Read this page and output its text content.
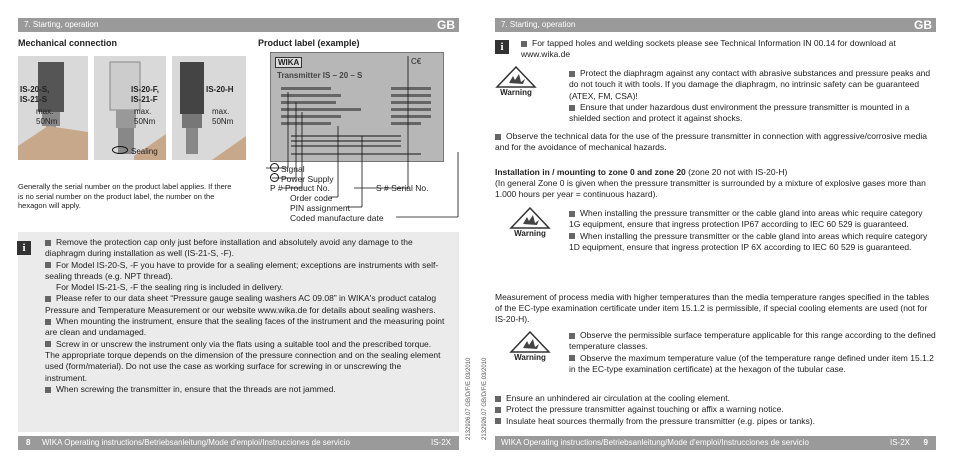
7. Starting, operation	GB
Mechanical connection	Product label (example)
IS-20-S,
IS-21-S
max.
50Nm
IS-20-F,
IS-21-F
max.
50Nm
Sealing
IS-20-H
max.
50Nm
WIKA
Transmitter IS – 20 – S
C€
Signal
Power Supply
P # Product No.	S # Serial No.
Order code
PIN assignment
Coded manufacture date
Generally the serial number on the product label applies. If there is no serial number on the product label, the number on the hexagon will apply.
i	Remove the protection cap only just before installation and absolutely avoid any damage to the diaphragm during installation as well (IS-21-S, -F).
For Model IS-20-S, -F you have to provide for a sealing element; exceptions are instruments with self-sealing threads (e.g. NPT thread).
For Model IS-21-S, -F the sealing ring is included in delivery.
Please refer to our data sheet “Pressure gauge sealing washers AC 09.08” in WIKA's product catalog Pressure and Temperature Measurement or our website www.wika.de for details about sealing washers.
When mounting the instrument, ensure that the sealing faces of the instrument and the measuring point are clean and undamaged.
Screw in or unscrew the instrument only via the flats using a suitable tool and the prescribed torque. The appropriate torque depends on the dimension of the pressure connection and on the sealing element used (form/material). Do not use the case as working surface for screwing in or unscrewing the instrument.
When screwing the transmitter in, ensure that the threads are not jammed.	2132926.07 GB/D/F/E 03/2010
8 WIKA Operating instructions/Betriebsanleitung/Mode d'emploi/Instrucciones de servicio	IS-2X
7. Starting, operation	GB
i	For tapped holes and welding sockets please see Technical Information IN 00.14 for download at www.wika.de
Warning
Protect the diaphragm against any contact with abrasive substances and pressure peaks and do not touch it with tools. If you damage the diaphragm, no intrinsic safety can be guaranteed (ATEX, FM, CSA)!
Ensure that under hazardous dust environment the pressure transmitter is mounted in a shielded section and protect it against shocks.
Observe the technical data for the use of the pressure transmitter in connection with aggressive/corrosive media and for the avoidance of mechanical hazards.
Installation in / mounting to zone 0 and zone 20 (zone 20 not with IS-20-H)
(In general Zone 0 is given when the pressure transmitter is surrounded by a mixture of explosive gases more than 1.000 hours per year = continuous hazard).
Warning
When installing the pressure transmitter or the cable gland into areas whic require category 1G equipment, ensure that ingress protection IP67 according to IEC 60 529 is guaranteed.
When installing the pressure transmitter or the cable gland into areas which require category 1D equipment, ensure that ingress protection IP 6X according to IEC 60 529 is guaranteed.
Measurement of process media with higher temperatures than the media temperature ranges specified in the tables of the EC-type examination certificate under item 15.1.2 is permissible, if special cooling elements are used (not for IS-20-H).
Warning
Observe the permissible surface temperature applicable for this range according to the defined temperature classes.
Observe the maximum temperature value (of the temperature range defined under item 15.1.2 in the EC-type examination certificate) at the hexagon of the tubular case.
Ensure an unhindered air circulation at the cooling element.
Protect the pressure transmitter against touching or affix a warning notice.
Insulate heat sources thermally from the pressure transmitter (e.g. pipes or tanks).
2132926.07 GB/D/F/E 03/2010
WIKA Operating instructions/Betriebsanleitung/Mode d'emploi/Instrucciones de servicio	IS-2X 9
